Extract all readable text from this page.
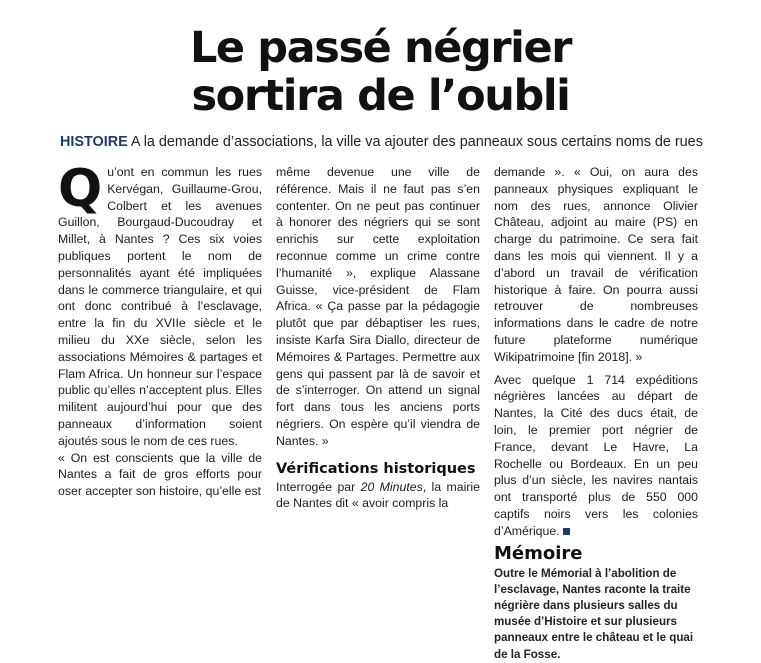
Le passé négrier
sortira de l’oubli
HISTOIRE A la demande d’associations, la ville va ajouter des panneaux sous certains noms de rues

Qu’ont en commun les rues Kervégan, Guillaume-Grou, Colbert et les avenues Guillon, Bourgaud-Ducoudray et Millet, à Nantes ? Ces six voies publiques portent le nom de personnalités ayant été impliquées dans le commerce triangulaire, et qui ont donc contribué à l’esclavage, entre la fin du XVIIe siècle et le milieu du XXe siècle, selon les associations Mémoires & partages et Flam Africa. Un honneur sur l’espace public qu’elles n’acceptent plus. Elles militent aujourd’hui pour que des panneaux d’information soient ajoutés sous le nom de ces rues.

« On est conscients que la ville de Nantes a fait de gros efforts pour oser accepter son histoire, qu’elle est

même devenue une ville de référence. Mais il ne faut pas s’en contenter. On ne peut pas continuer à honorer des négriers qui se sont enrichis sur cette exploitation reconnue comme un crime contre l’humanité », explique Alassane Guisse, vice-président de Flam Africa. « Ça passe par la pédagogie plutôt que par débaptiser les rues, insiste Karfa Sira Diallo, directeur de Mémoires & Partages. Permettre aux gens qui passent par là de savoir et de s’interroger. On attend un signal fort dans tous les anciens ports négriers. On espère qu’il viendra de Nantes. »

Vérifications historiques

Interrogée par 20 Minutes, la mairie de Nantes dit « avoir compris la

demande ». « Oui, on aura des panneaux physiques expliquant le nom des rues, annonce Olivier Château, adjoint au maire (PS) en charge du patrimoine. Ce sera fait dans les mois qui viennent. Il y a d’abord un travail de vérification historique à faire. On pourra aussi retrouver de nombreuses informations dans le cadre de notre future plateforme numérique Wikipatrimoine [fin 2018]. »

Avec quelque 1 714 expéditions négrières lancées au départ de Nantes, la Cité des ducs était, de loin, le premier port négrier de France, devant Le Havre, La Rochelle ou Bordeaux. En un peu plus d’un siècle, les navires nantais ont transporté plus de 550 000 captifs noirs vers les colonies d’Amérique.

Mémoire

Outre le Mémorial à l’abolition de l’esclavage, Nantes raconte la traite négrière dans plusieurs salles du musée d’Histoire et sur plusieurs panneaux entre le château et le quai de la Fosse.
